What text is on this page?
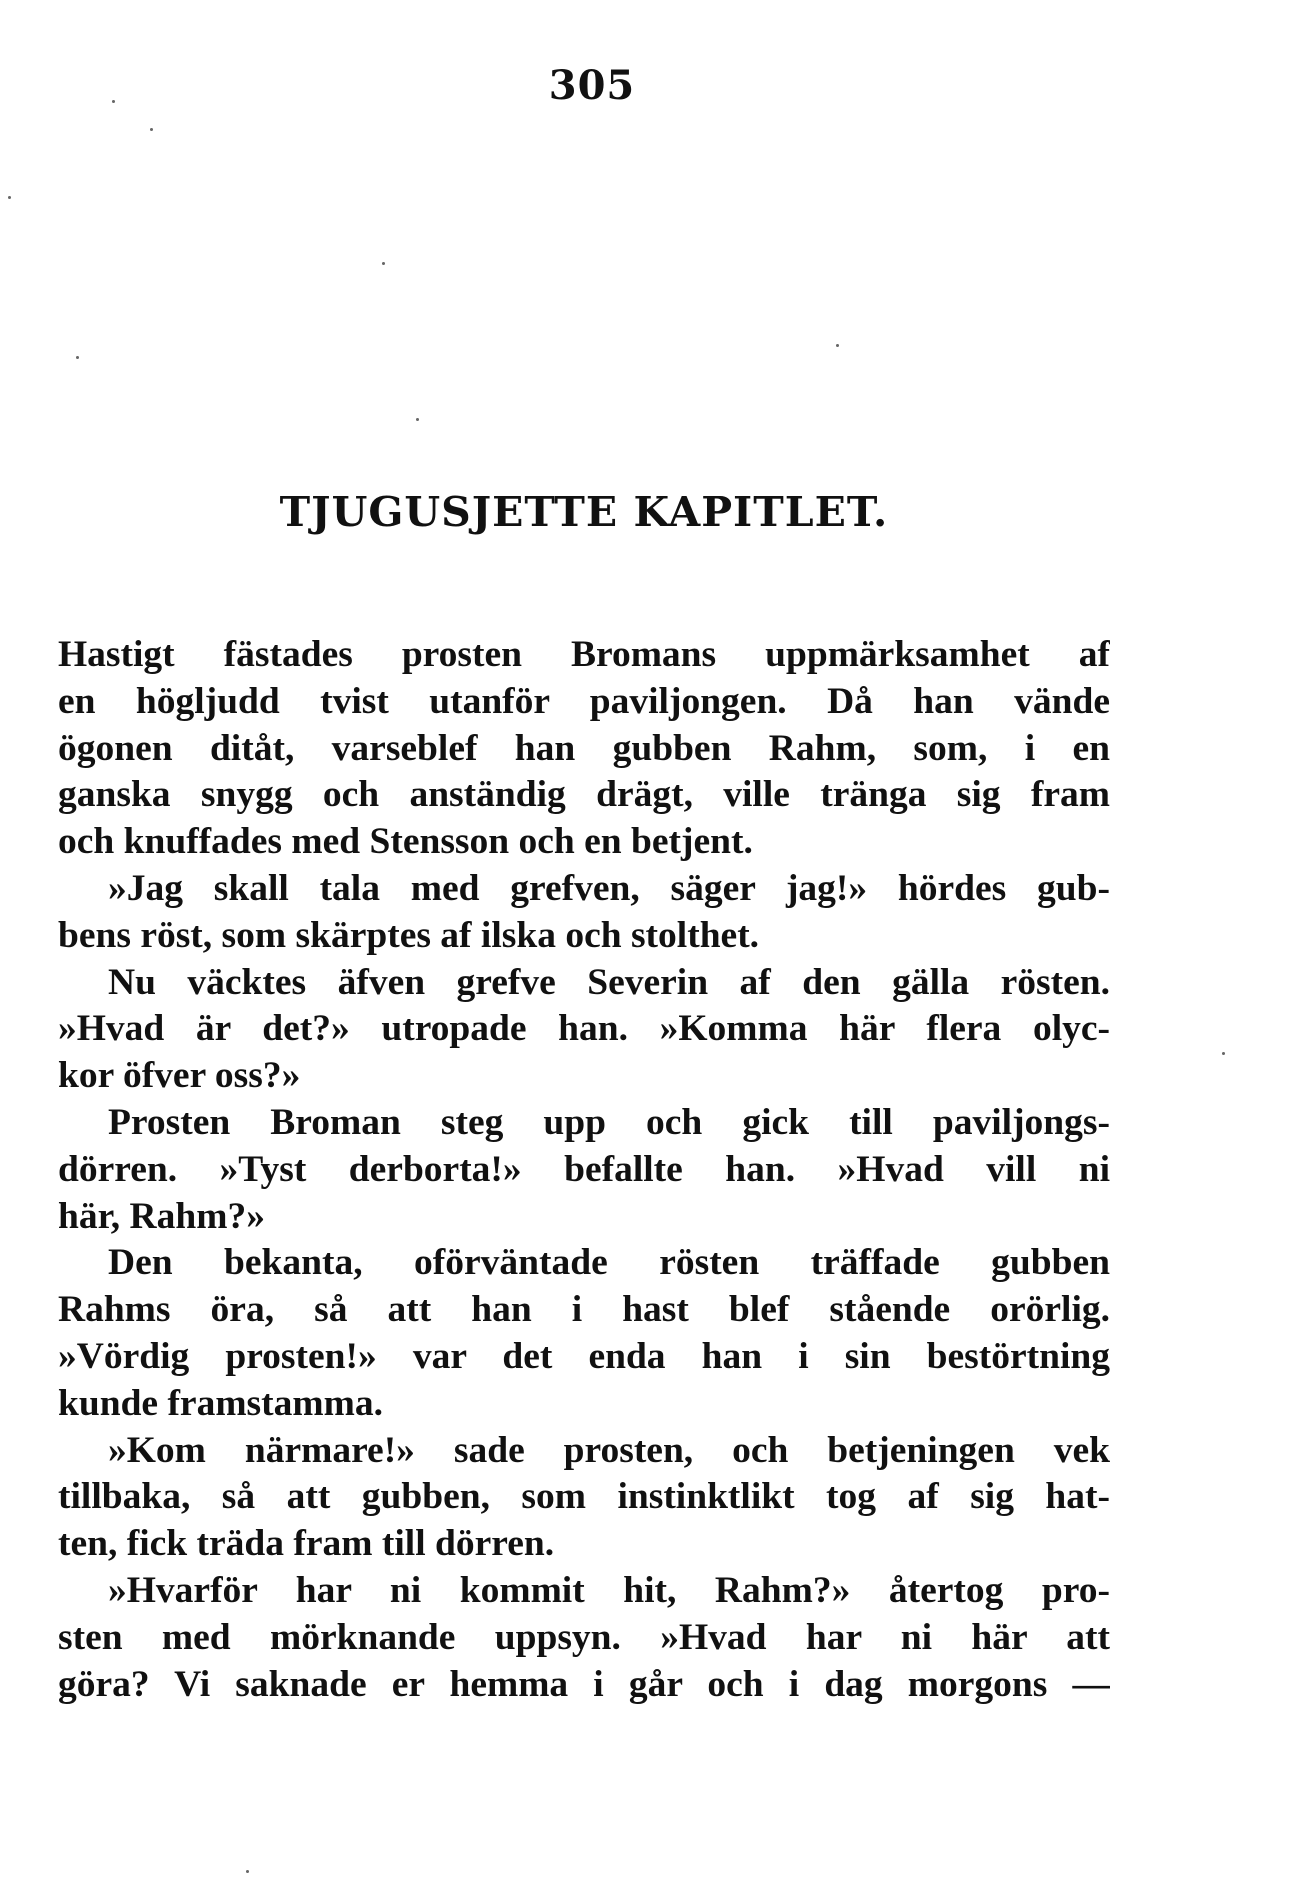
305
TJUGUSJETTE KAPITLET.
Hastigt fästades prosten Bromans uppmärksamhet af
en högljudd tvist utanför paviljongen. Då han vände
ögonen ditåt, varseblef han gubben Rahm, som, i en
ganska snygg och anständig drägt, ville tränga sig fram
och knuffades med Stensson och en betjent.
»Jag skall tala med grefven, säger jag!» hördes gub-
bens röst, som skärptes af ilska och stolthet.
Nu väcktes äfven grefve Severin af den gälla rösten.
»Hvad är det?» utropade han. »Komma här flera olyc-
kor öfver oss?»
Prosten Broman steg upp och gick till paviljongs-
dörren. »Tyst derborta!» befallte han. »Hvad vill ni
här, Rahm?»
Den bekanta, oförväntade rösten träffade gubben
Rahms öra, så att han i hast blef stående orörlig.
»Vördig prosten!» var det enda han i sin bestörtning
kunde framstamma.
»Kom närmare!» sade prosten, och betjeningen vek
tillbaka, så att gubben, som instinktlikt tog af sig hat-
ten, fick träda fram till dörren.
»Hvarför har ni kommit hit, Rahm?» återtog pro-
sten med mörknande uppsyn. »Hvad har ni här att
göra? Vi saknade er hemma i går och i dag morgons —
